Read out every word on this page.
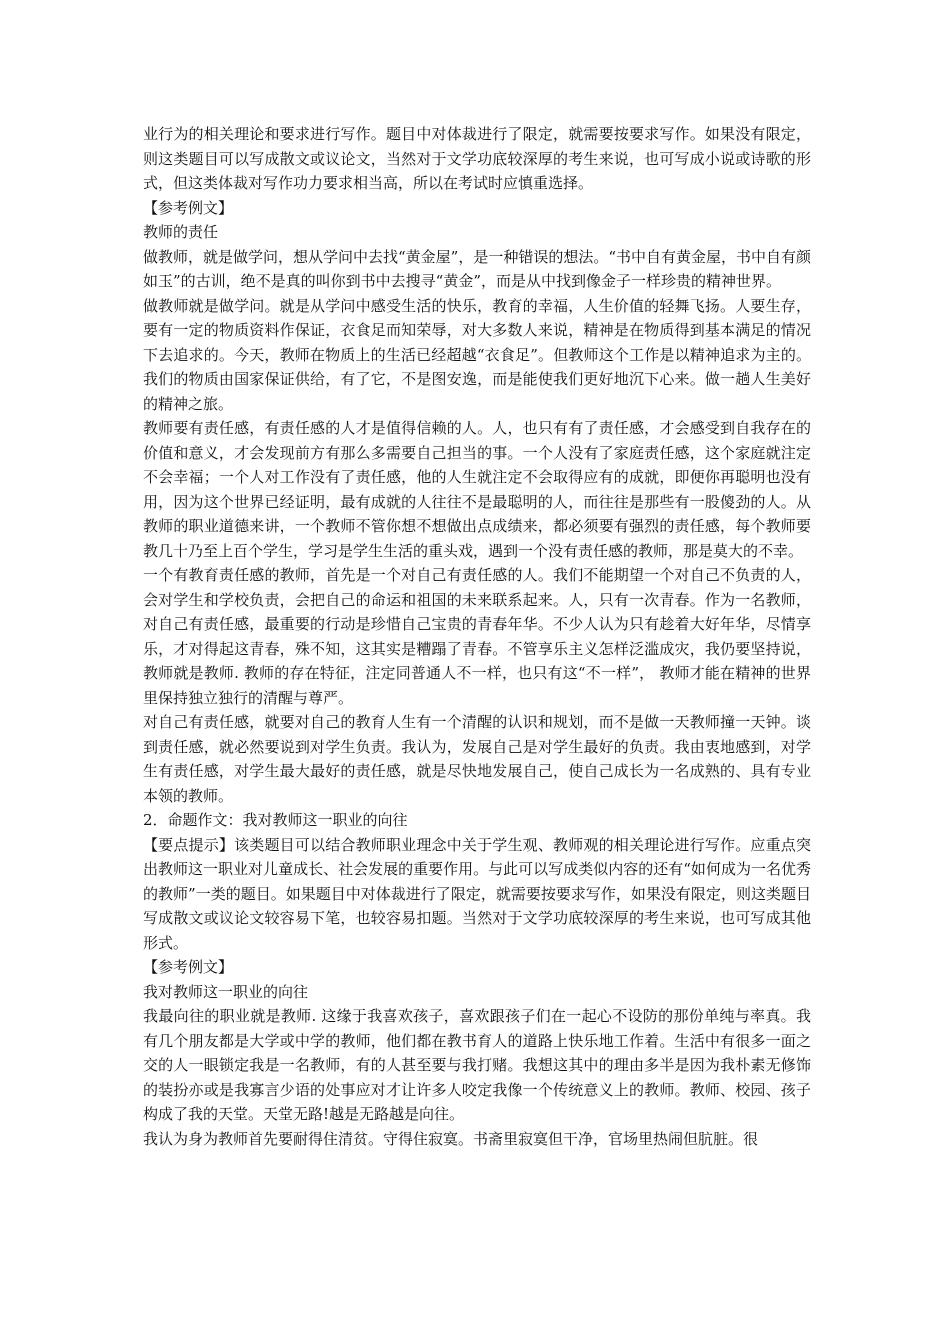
业行为的相关理论和要求进行写作。题目中对体裁进行了限定，就需要按要求写作。如果没有限定，则这类题目可以写成散文或议论文，当然对于文学功底较深厚的考生来说，也可写成小说或诗歌的形式，但这类体裁对写作功力要求相当高，所以在考试时应慎重选择。

【参考例文】

教师的责任

做教师，就是做学问，想从学问中去找“黄金屋”，是一种错误的想法。“书中自有黄金屋，书中自有颜如玉”的古训，绝不是真的叫你到书中去搜寻“黄金”，而是从中找到像金子一样珍贵的精神世界。

做教师就是做学问。就是从学问中感受生活的快乐，教育的幸福，人生价值的轻舞飞扬。人要生存，要有一定的物质资料作保证，衣食足而知荣辱，对大多数人来说，精神是在物质得到基本满足的情况下去追求的。今天，教师在物质上的生活已经超越“衣食足”。但教师这个工作是以精神追求为主的。我们的物质由国家保证供给，有了它，不是图安逸，而是能使我们更好地沉下心来。做一趟人生美好的精神之旅。

教师要有责任感，有责任感的人才是值得信赖的人。人，也只有有了责任感，才会感受到自我存在的价值和意义，才会发现前方有那么多需要自己担当的事。一个人没有了家庭责任感，这个家庭就注定不会幸福；一个人对工作没有了责任感，他的人生就注定不会取得应有的成就，即便你再聪明也没有用，因为这个世界已经证明，最有成就的人往往不是最聪明的人，而往往是那些有一股傻劲的人。从教师的职业道德来讲，一个教师不管你想不想做出点成绩来，都必须要有强烈的责任感，每个教师要教几十乃至上百个学生，学习是学生生活的重头戏，遇到一个没有责任感的教师，那是莫大的不幸。

一个有教育责任感的教师，首先是一个对自己有责任感的人。我们不能期望一个对自己不负责的人，会对学生和学校负责，会把自己的命运和祖国的未来联系起来。人，只有一次青春。作为一名教师，对自己有责任感，最重要的行动是珍惜自己宝贵的青春年华。不少人认为只有趁着大好年华，尽情享乐，才对得起这青春，殊不知，这其实是糟蹋了青春。不管享乐主义怎样泛滥成灾，我仍要坚持说，教师就是教师. 教师的存在特征，注定同普通人不一样，也只有这“不一样”， 教师才能在精神的世界里保持独立独行的清醒与尊严。

对自己有责任感，就要对自己的教育人生有一个清醒的认识和规划，而不是做一天教师撞一天钟。谈到责任感，就必然要说到对学生负责。我认为，发展自己是对学生最好的负责。我由衷地感到，对学生有责任感，对学生最大最好的责任感，就是尽快地发展自己，使自己成长为一名成熟的、具有专业本领的教师。

2．命题作文：我对教师这一职业的向往

【要点提示】该类题目可以结合教师职业理念中关于学生观、教师观的相关理论进行写作。应重点突出教师这一职业对儿童成长、社会发展的重要作用。与此可以写成类似内容的还有“如何成为一名优秀的教师”一类的题目。如果题目中对体裁进行了限定，就需要按要求写作，如果没有限定，则这类题目写成散文或议论文较容易下笔，也较容易扣题。当然对于文学功底较深厚的考生来说，也可写成其他形式。

【参考例文】

我对教师这一职业的向往

我最向往的职业就是教师. 这缘于我喜欢孩子，喜欢跟孩子们在一起心不设防的那份单纯与率真。我有几个朋友都是大学或中学的教师，他们都在教书育人的道路上快乐地工作着。生活中有很多一面之交的人一眼锁定我是一名教师，有的人甚至要与我打赌。我想这其中的理由多半是因为我朴素无修饰的装扮亦或是我寡言少语的处事应对才让许多人咬定我像一个传统意义上的教师。教师、校园、孩子构成了我的天堂。天堂无路!越是无路越是向往。

我认为身为教师首先要耐得住清贫。守得住寂寞。书斋里寂寞但干净，官场里热闹但肮脏。很
